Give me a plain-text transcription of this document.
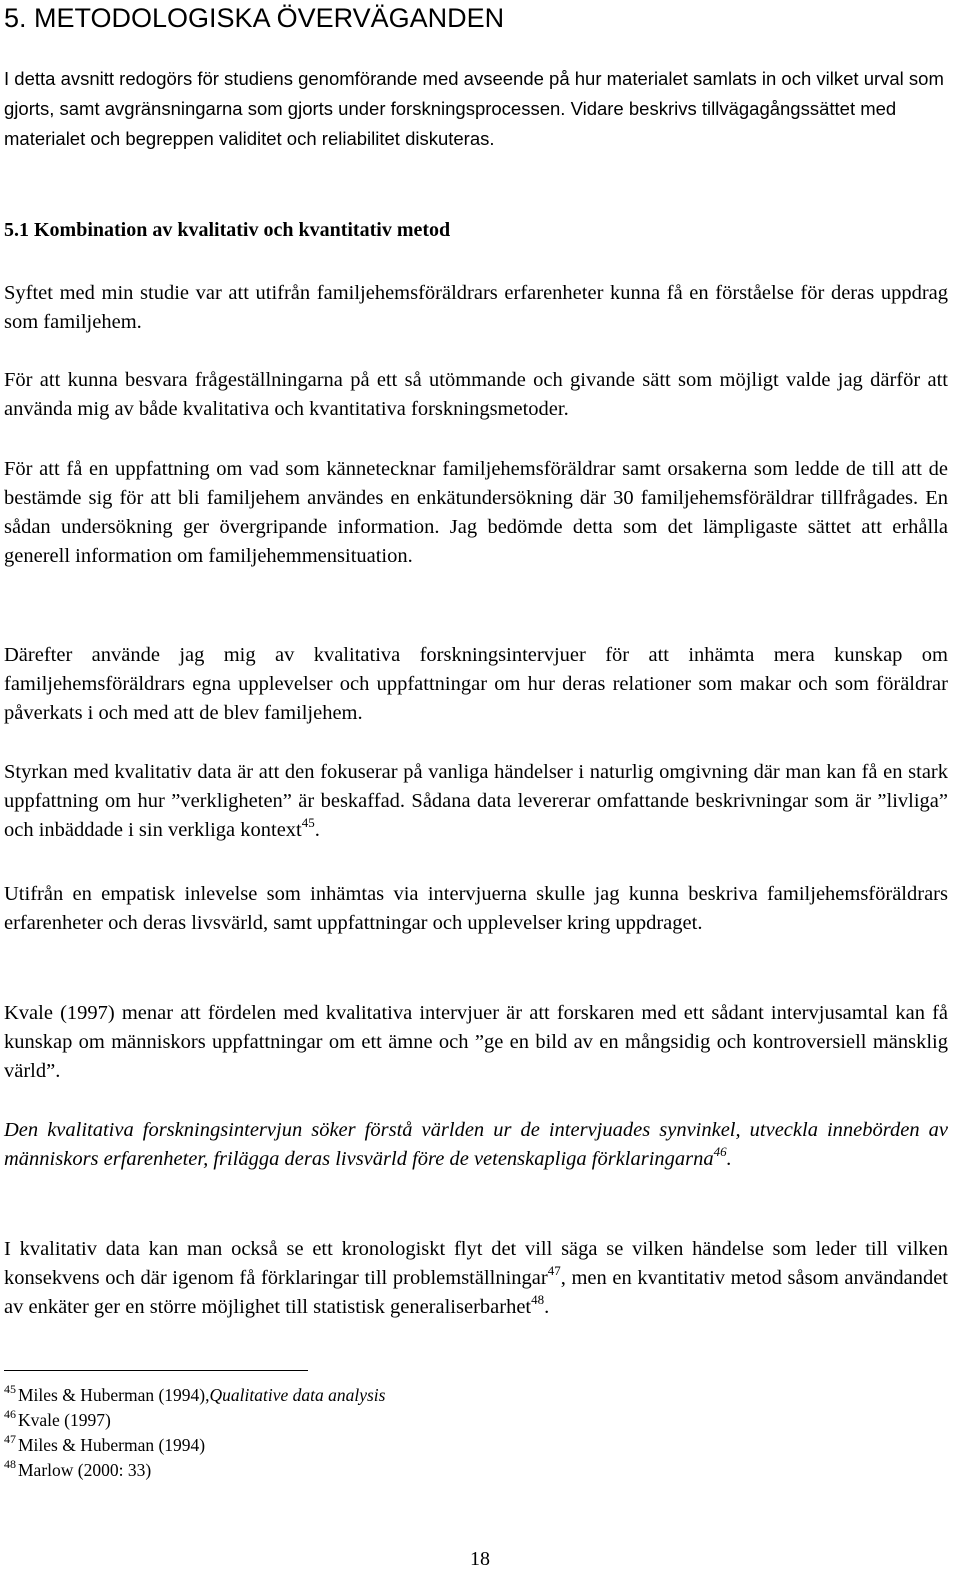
5. METODOLOGISKA ÖVERVÄGANDEN

I detta avsnitt redogörs för studiens genomförande med avseende på hur materialet samlats in och vilket urval som gjorts, samt avgränsningarna som gjorts under forskningsprocessen. Vidare beskrivs tillvägagångssättet med materialet och begreppen validitet och reliabilitet diskuteras.

5.1 Kombination av kvalitativ och kvantitativ metod

Syftet med min studie var att utifrån familjehemsföräldrars erfarenheter kunna få en förståelse för deras uppdrag som familjehem.

För att kunna besvara frågeställningarna på ett så utömmande och givande sätt som möjligt valde jag därför att använda mig av både kvalitativa och kvantitativa forskningsmetoder.

För att få en uppfattning om vad som kännetecknar familjehemsföräldrar samt orsakerna som ledde de till att de bestämde sig för att bli familjehem användes en enkätundersökning där 30 familjehemsföräldrar tillfrågades. En sådan undersökning ger övergripande information. Jag bedömde detta som det lämpligaste sättet att erhålla generell information om familjehemmensituation.

Därefter använde jag mig av kvalitativa forskningsintervjuer för att inhämta mera kunskap om familjehemsföräldrars egna upplevelser och uppfattningar om hur deras relationer som makar och som föräldrar påverkats i och med att de blev familjehem.

Styrkan med kvalitativ data är att den fokuserar på vanliga händelser i naturlig omgivning där man kan få en stark uppfattning om hur ”verkligheten” är beskaffad. Sådana data levererar omfattande beskrivningar som är ”livliga” och inbäddade i sin verkliga kontext$^{45}$.

Utifrån en empatisk inlevelse som inhämtas via intervjuerna skulle jag kunna beskriva familjehemsföräldrars erfarenheter och deras livsvärld, samt uppfattningar och upplevelser kring uppdraget.

Kvale (1997) menar att fördelen med kvalitativa intervjuer är att forskaren med ett sådant intervjusamtal kan få kunskap om människors uppfattningar om ett ämne och ”ge en bild av en mångsidig och kontroversiell mänsklig värld”.

Den kvalitativa forskningsintervjun söker förstå världen ur de intervjuades synvinkel, utveckla innebörden av människors erfarenheter, frilägga deras livsvärld före de vetenskapliga förklaringarna$^{46}$.

I kvalitativ data kan man också se ett kronologiskt flyt det vill säga se vilken händelse som leder till vilken konsekvens och där igenom få förklaringar till problemställningar$^{47}$, men en kvantitativ metod såsom användandet av enkäter ger en större möjlighet till statistisk generaliserbarhet$^{48}$.

$^{45}$ Miles & Huberman (1994),Qualitative data analysis
$^{46}$ Kvale (1997)
$^{47}$ Miles & Huberman (1994)
$^{48}$ Marlow (2000: 33)
18
